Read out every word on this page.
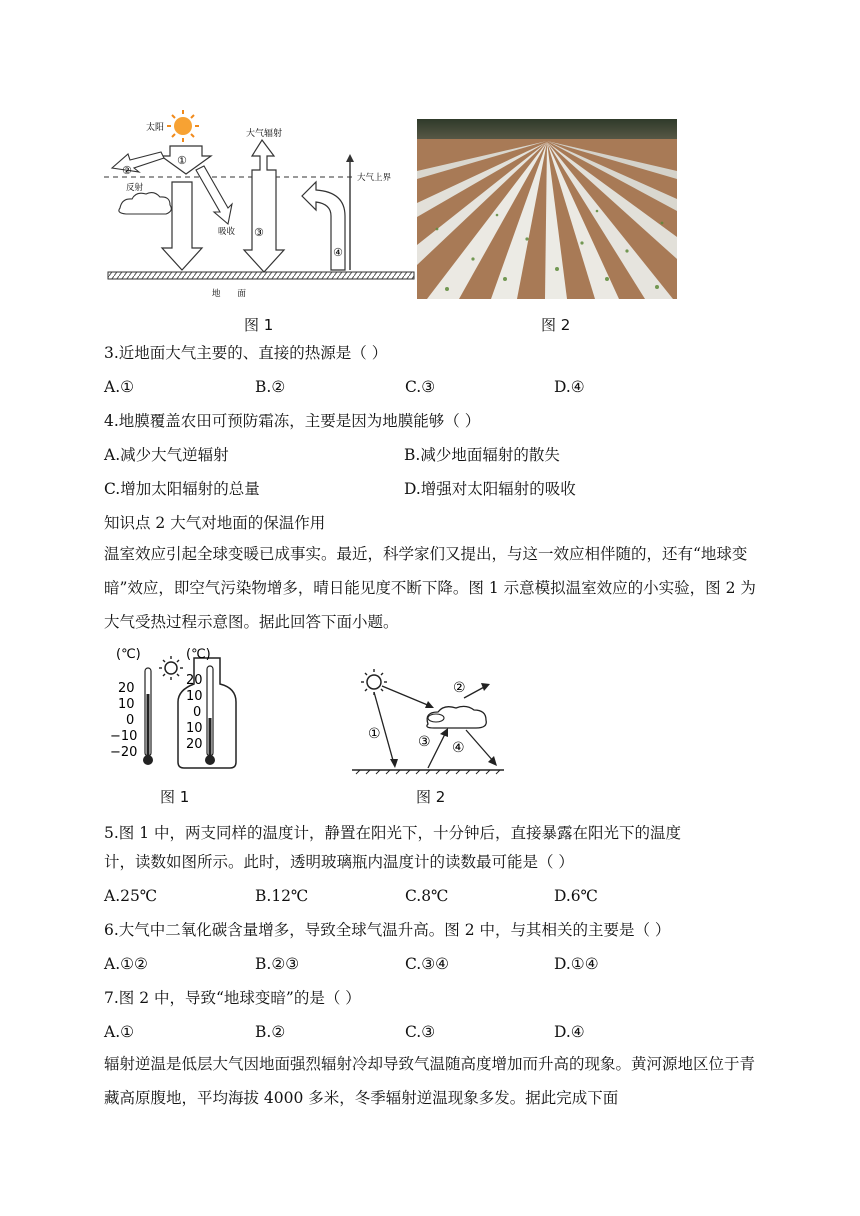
太阳
大气上界
①
②
反射
吸收
大气辐射
③
④
地　　面
图 1	图 2
3.近地面大气主要的、直接的热源是（ ）
A.①	B.②	C.③	D.④
4.地膜覆盖农田可预防霜冻，主要是因为地膜能够（ ）
A.减少大气逆辐射	B.减少地面辐射的散失
C.增加太阳辐射的总量	D.增强对太阳辐射的吸收
知识点 2 大气对地面的保温作用
温室效应引起全球变暖已成事实。最近，科学家们又提出，与这一效应相伴随的，还有“地球变暗”效应，即空气污染物增多，晴日能见度不断下降。图 1 示意模拟温室效应的小实验，图 2 为大气受热过程示意图。据此回答下面小题。
(℃)
20
10
0
−10
−20
(℃)
20
10
0
10
20
图 1
①
②
③ ④
图 2
5.图 1 中，两支同样的温度计，静置在阳光下，十分钟后，直接暴露在阳光下的温度
计，读数如图所示。此时，透明玻璃瓶内温度计的读数最可能是（ ）
A.25℃	B.12℃	C.8℃	D.6℃
6.大气中二氧化碳含量增多，导致全球气温升高。图 2 中，与其相关的主要是（ ）
A.①②	B.②③	C.③④	D.①④
7.图 2 中，导致“地球变暗”的是（ ）
A.①	B.②	C.③	D.④
辐射逆温是低层大气因地面强烈辐射冷却导致气温随高度增加而升高的现象。黄河源地区位于青藏高原腹地，平均海拔 4000 多米，冬季辐射逆温现象多发。据此完成下面
